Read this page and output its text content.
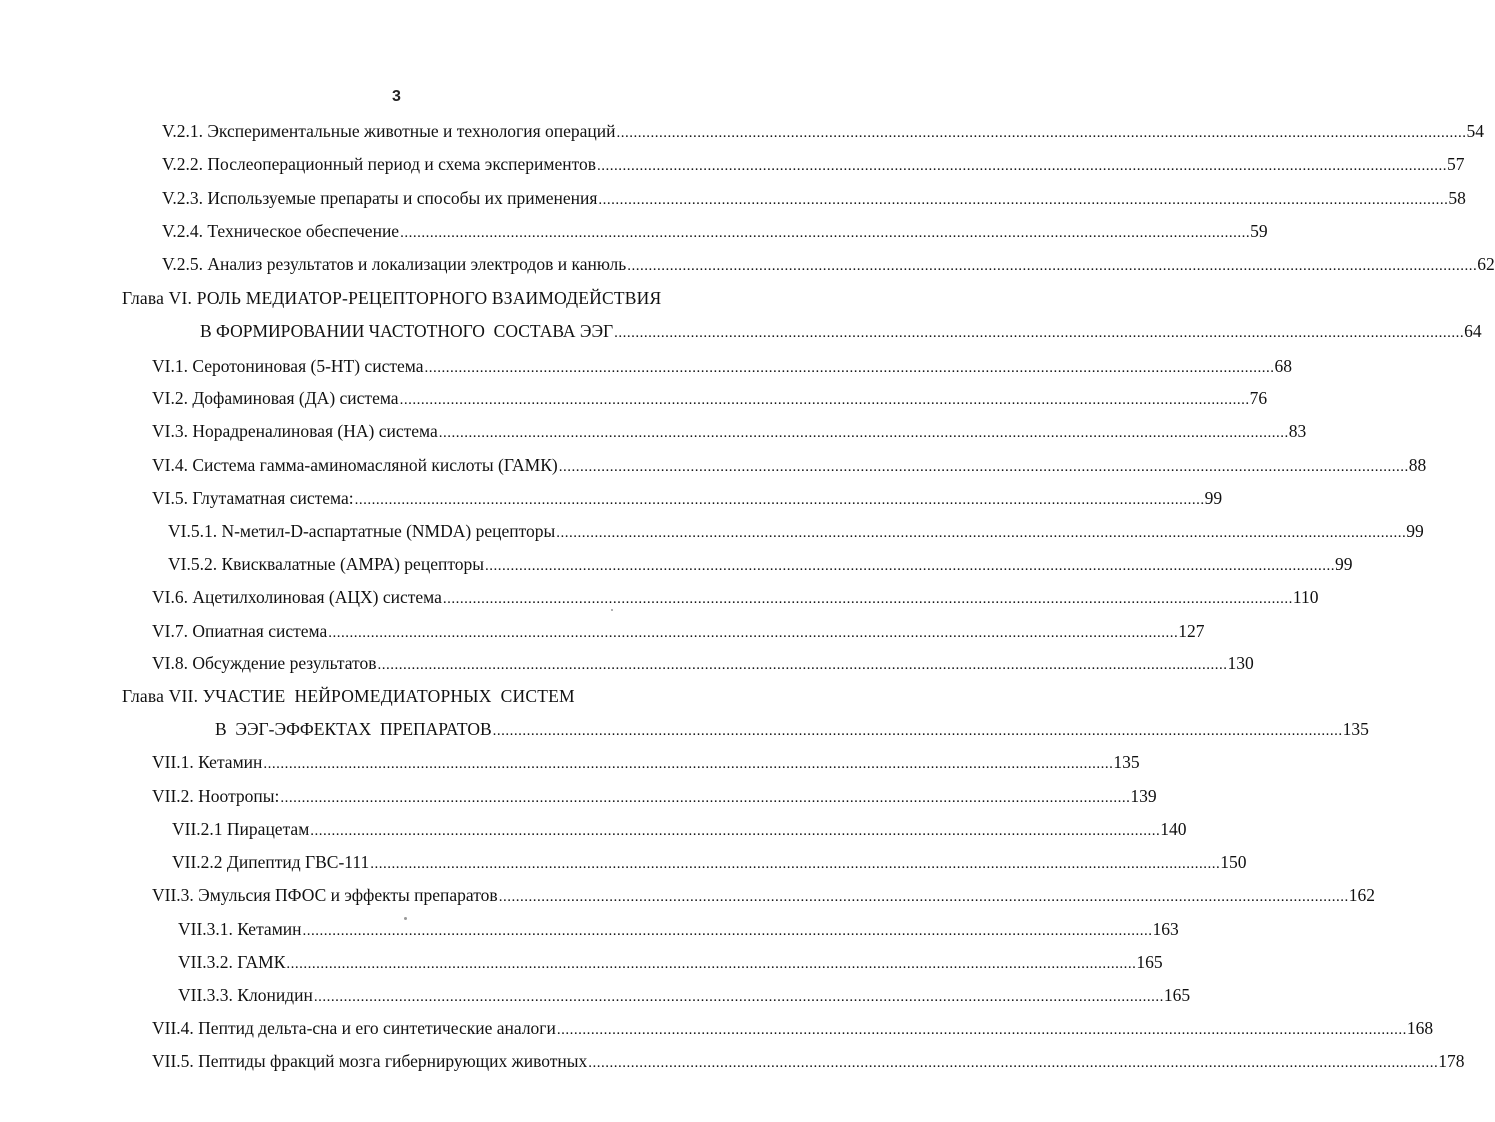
3
V.2.1. Экспериментальные животные и технология операций ........................................................................................................................................................................................................ 54
V.2.2. Послеоперационный период и схема экспериментов ........................................................................................................................................................................................................ 57
V.2.3. Используемые препараты и способы их применения ........................................................................................................................................................................................................ 58
V.2.4. Техническое обеспечение ........................................................................................................................................................................................................ 59
V.2.5. Анализ результатов и локализации электродов и канюль ........................................................................................................................................................................................................ 62
Глава VI. РОЛЬ МЕДИАТОР-РЕЦЕПТОРНОГО ВЗАИМОДЕЙСТВИЯ
В ФОРМИРОВАНИИ ЧАСТОТНОГО  СОСТАВА ЭЭГ ........................................................................................................................................................................................................ 64
VI.1. Серотониновая (5-НТ) система ........................................................................................................................................................................................................ 68
VI.2. Дофаминовая (ДА) система ........................................................................................................................................................................................................ 76
VI.3. Норадреналиновая (НА) система ........................................................................................................................................................................................................ 83
VI.4. Система гамма-аминомасляной кислоты (ГАМК) ........................................................................................................................................................................................................ 88
VI.5. Глутаматная система: ........................................................................................................................................................................................................ 99
VI.5.1. N-метил-D-аспартатные (NMDA) рецепторы ........................................................................................................................................................................................................ 99
VI.5.2. Квисквалатные (АМРА) рецепторы ........................................................................................................................................................................................................ 99
VI.6. Ацетилхолиновая (АЦХ) система ........................................................................................................................................................................................................ 110
VI.7. Опиатная система ........................................................................................................................................................................................................ 127
VI.8. Обсуждение результатов ........................................................................................................................................................................................................ 130
Глава VII. УЧАСТИЕ  НЕЙРОМЕДИАТОРНЫХ  СИСТЕМ
В  ЭЭГ-ЭФФЕКТАХ  ПРЕПАРАТОВ ........................................................................................................................................................................................................ 135
VII.1. Кетамин ........................................................................................................................................................................................................ 135
VII.2. Ноотропы: ........................................................................................................................................................................................................ 139
VII.2.1 Пирацетам ........................................................................................................................................................................................................ 140
VII.2.2 Дипептид ГВС-111 ........................................................................................................................................................................................................ 150
VII.3. Эмульсия ПФОС и эффекты препаратов ........................................................................................................................................................................................................ 162
VII.3.1. Кетамин ........................................................................................................................................................................................................ 163
VII.3.2. ГАМК ........................................................................................................................................................................................................ 165
VII.3.3. Клонидин ........................................................................................................................................................................................................ 165
VII.4. Пептид дельта-сна и его синтетические аналоги ........................................................................................................................................................................................................ 168
VII.5. Пептиды фракций мозга гибернирующих животных ........................................................................................................................................................................................................ 178
